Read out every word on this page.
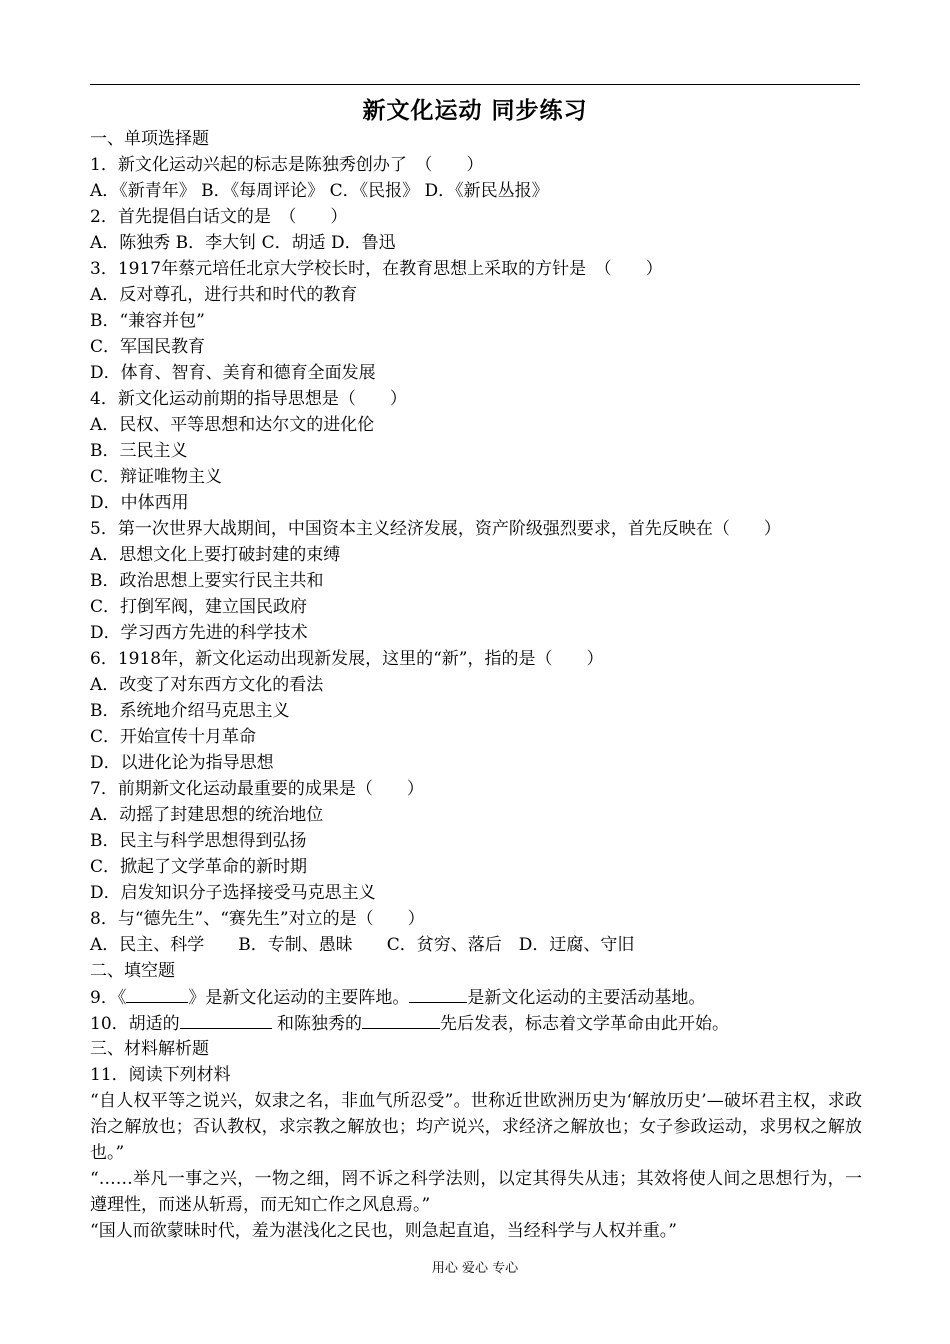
新文化运动 同步练习
一、单项选择题
1．新文化运动兴起的标志是陈独秀创办了　（　　）
A．《新青年》 B．《每周评论》 C．《民报》 D．《新民丛报》
2．首先提倡白话文的是　（　　）
A．陈独秀 B．李大钊 C．胡适 D．鲁迅
3．1917年蔡元培任北京大学校长时，在教育思想上采取的方针是　（　　）
A．反对尊孔，进行共和时代的教育
B．“兼容并包”
C．军国民教育
D．体育、智育、美育和德育全面发展
4．新文化运动前期的指导思想是（　　）
A．民权、平等思想和达尔文的进化伦
B．三民主义
C．辩证唯物主义
D．中体西用
5．第一次世界大战期间，中国资本主义经济发展，资产阶级强烈要求，首先反映在（　　）
A．思想文化上要打破封建的束缚
B．政治思想上要实行民主共和
C．打倒军阀，建立国民政府
D．学习西方先进的科学技术
6．1918年，新文化运动出现新发展，这里的“新”，指的是（　　）
A．改变了对东西方文化的看法
B．系统地介绍马克思主义
C．开始宣传十月革命
D．以进化论为指导思想
7．前期新文化运动最重要的成果是（　　）
A．动摇了封建思想的统治地位
B．民主与科学思想得到弘扬
C．掀起了文学革命的新时期
D．启发知识分子选择接受马克思主义
8．与“德先生”、“赛先生”对立的是（　　）
A．民主、科学　　B．专制、愚昧　　C．贫穷、落后　D．迂腐、守旧
二、填空题
9．《	》是新文化运动的主要阵地。	是新文化运动的主要活动基地。
10．胡适的	和陈独秀的	先后发表，标志着文学革命由此开始。
三、材料解析题
11．阅读下列材料
“自人权平等之说兴，奴隶之名，非血气所忍受”。世称近世欧洲历史为‘解放历史’—破坏君主权，求政治之解放也；否认教权，求宗教之解放也；均产说兴，求经济之解放也；女子参政运动，求男权之解放也。”
“……举凡一事之兴，一物之细，罔不诉之科学法则，以定其得失从违；其效将使人间之思想行为，一遵理性，而迷从斩焉，而无知亡作之风息焉。”
“国人而欲蒙昧时代，羞为湛浅化之民也，则急起直追，当经科学与人权并重。”
用心 爱心 专心
